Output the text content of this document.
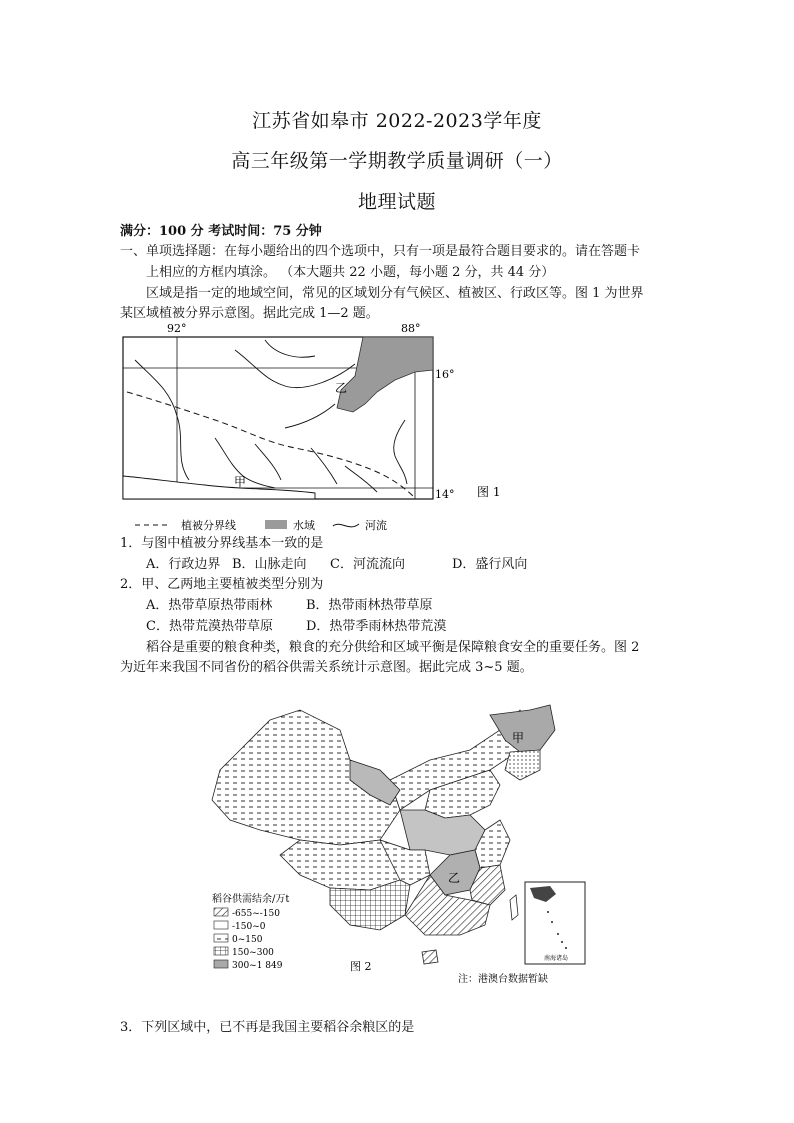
江苏省如皋市 2022-2023学年度
高三年级第一学期教学质量调研（一）
地理试题
满分：100 分 考试时间：75 分钟
一、单项选择题：在每小题给出的四个选项中，只有一项是最符合题目要求的。请在答题卡
上相应的方框内填涂。 （本大题共 22 小题，每小题 2 分，共 44 分）
区域是指一定的地域空间，常见的区域划分有气候区、植被区、行政区等。图 1 为世界
某区域植被分界示意图。据此完成 1—2 题。
92°	88°
甲
乙
16°
14° 图 1
植被分界线	水域	河流
1．与图中植被分界线基本一致的是
A．行政边界 B．山脉走向 C．河流流向	D．盛行风向
2．甲、乙两地主要植被类型分别为
A．热带草原热带雨林	B．热带雨林热带草原
C．热带荒漠热带草原	D．热带季雨林热带荒漠
稻谷是重要的粮食种类，粮食的充分供给和区域平衡是保障粮食安全的重要任务。图 2
为近年来我国不同省份的稻谷供需关系统计示意图。据此完成 3~5 题。
甲
乙
稻谷供需结余/万t
-655~-150
-150~0
0~150
150~300
300~1 849	图 2
南海诸岛
注：港澳台数据暂缺
3．下列区域中，已不再是我国主要稻谷余粮区的是
